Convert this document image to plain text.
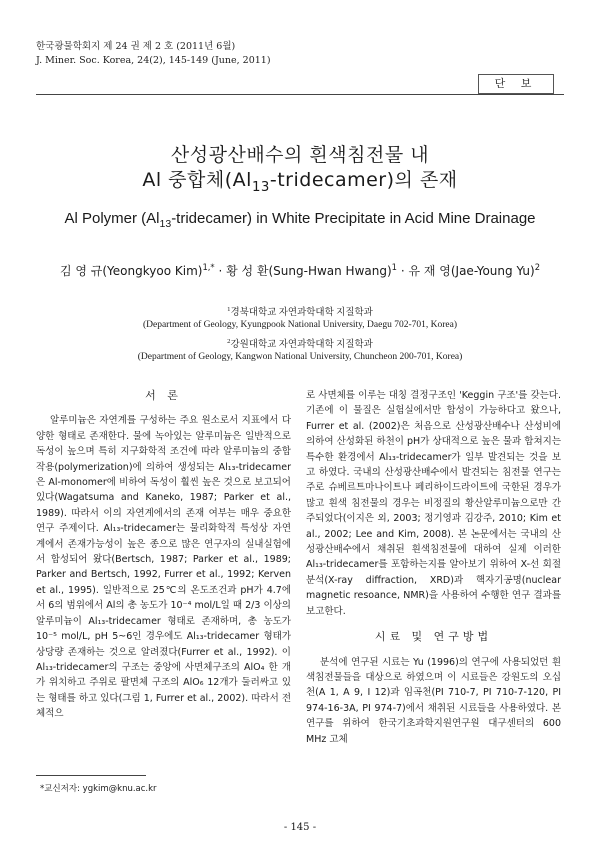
한국광물학회지 제 24 권 제 2 호 (2011년 6월)
J. Miner. Soc. Korea, 24(2), 145-149 (June, 2011)
단 보
산성광산배수의 흰색침전물 내
Al 중합체$(Al_{13}-tridecamer)$의 존재
Al Polymer $(Al_{13}-tridecamer)$ in White Precipitate in Acid Mine Drainage
김 영 규(Yeongkyoo Kim)$^{1,*}$ · 황 성 환(Sung-Hwan Hwang)$^1$ · 유 재 영(Jae-Young Yu)$^2$
$^1$경북대학교 자연과학대학 지질학과
(Department of Geology, Kyungpook National University, Daegu 702-701, Korea)
$^2$강원대학교 자연과학대학 지질학과
(Department of Geology, Kangwon National University, Chuncheon 200-701, Korea)
서 론

알루미늄은 자연계를 구성하는 주요 원소로서 지표에서 다양한 형태로 존재한다. 물에 녹아있는 알루미늄은 일반적으로 독성이 높으며 특히 지구화학적 조건에 따라 알루미늄의 중합작용(polymerization)에 의하여 생성되는 Al₁₃-tridecamer은 Al-monomer에 비하여 독성이 훨씬 높은 것으로 보고되어 있다(Wagatsuma and Kaneko, 1987; Parker et al., 1989). 따라서 이의 자연계에서의 존재 여부는 매우 중요한 연구 주제이다. Al₁₃-tridecamer는 물리화학적 특성상 자연계에서 존재가능성이 높은 종으로 많은 연구자의 실내실험에서 합성되어 왔다(Bertsch, 1987; Parker et al., 1989; Parker and Bertsch, 1992, Furrer et al., 1992; Kerven et al., 1995). 일반적으로 25℃의 온도조건과 pH가 4.7에서 6의 범위에서 Al의 총 농도가 10⁻⁴ mol/L일 때 2/3 이상의 알루미늄이 Al₁₃-tridecamer 형태로 존재하며, 총 농도가 10⁻⁵ mol/L, pH 5~6인 경우에도 Al₁₃-tridecamer 형태가 상당량 존재하는 것으로 알려졌다(Furrer et al., 1992). 이 Al₁₃-tridecamer의 구조는 중앙에 사면체구조의 AlO₄ 한 개가 위치하고 주위로 팔면체 구조의 AlO₆ 12개가 둘러싸고 있는 형태를 하고 있다(그림 1, Furrer et al., 2002). 따라서 전체적으

로 사면체를 이루는 대칭 결정구조인 'Keggin 구조'를 갖는다. 기존에 이 물질은 실험실에서만 합성이 가능하다고 왔으나, Furrer et al. (2002)은 처음으로 산성광산배수나 산성비에 의하여 산성화된 하천이 pH가 상대적으로 높은 물과 합쳐지는 특수한 환경에서 Al₁₃-tridecamer가 일부 발견되는 것을 보고 하였다. 국내의 산성광산배수에서 발견되는 침전물 연구는 주로 슈베르트마나이트나 페리하이드라이트에 국한된 경우가 많고 흰색 침전물의 경우는 비정질의 황산알루미늄으로만 간주되었다(이지은 외, 2003; 정기영과 김강주, 2010; Kim et al., 2002; Lee and Kim, 2008). 본 논문에서는 국내의 산성광산배수에서 채취된 흰색침전물에 대하여 실제 이러한 Al₁₃-tridecamer를 포함하는지를 알아보기 위하여 X-선 회절분석(X-ray diffraction, XRD)과 핵자기공명(nuclear magnetic resoance, NMR)을 사용하여 수행한 연구 결과를 보고한다.

시료 및 연구방법

분석에 연구된 시료는 Yu (1996)의 연구에 사용되었던 흰색침전물들을 대상으로 하였으며 이 시료들은 강원도의 오십천(A 1, A 9, I 12)과 임곡천(PI 710-7, PI 710-7-120, PI 974-16-3A, PI 974-7)에서 채취된 시료들을 사용하였다. 본 연구를 위하여 한국기초과학지원연구원 대구센터의 600 MHz 고체

*교신저자: ygkim@knu.ac.kr
- 145 -
